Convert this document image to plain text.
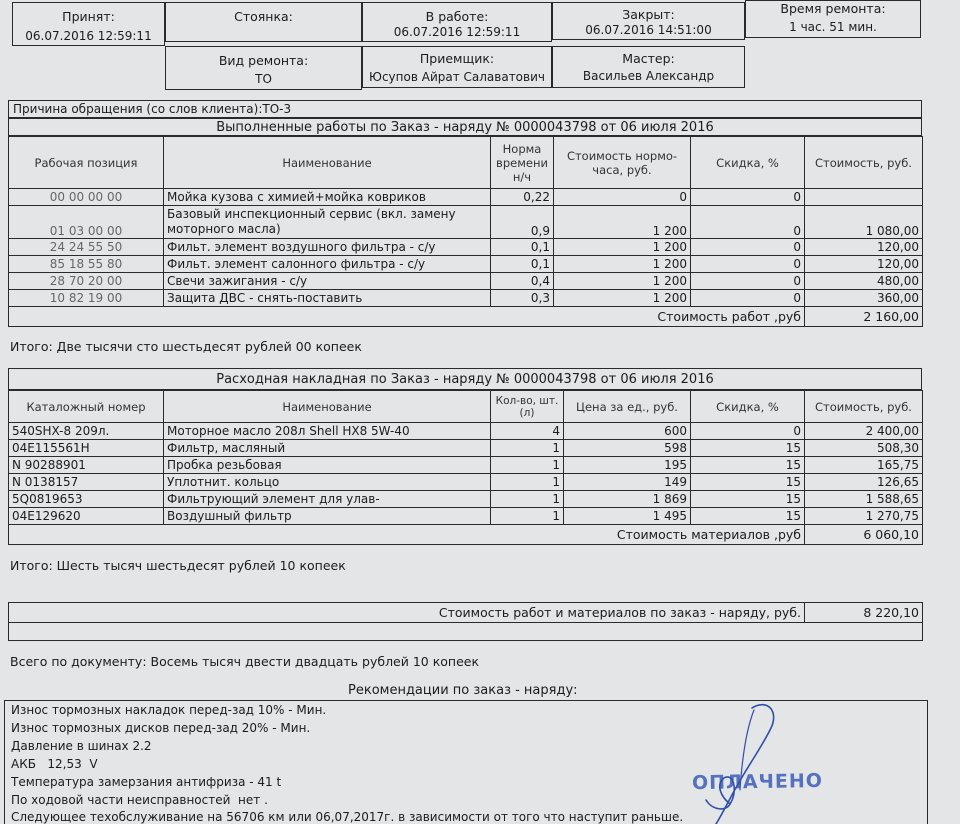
Принят:
06.07.2016 12:59:11
Стоянка:	В работе:
06.07.2016 12:59:11
Закрыт:
06.07.2016 14:51:00
Время ремонта:
1 час. 51 мин.
Вид ремонта:
ТО
Приемщик:
Юсупов Айрат Салаватович
Мастер:
Васильев Александр
Причина обращения (со слов клиента):ТО-3
Выполненные работы по Заказ - наряду № 0000043798 от 06 июля 2016
Рабочая позиция	Наименование	Норма времени н/ч	Стоимость нормо-часа, руб.	Скидка, %	Стоимость, руб.
00 00 00 00	Мойка кузова с химией+мойка ковриков	0,22	0	0	
01 03 00 00	Базовый инспекционный сервис (вкл. замену моторного масла)	0,9	1 200	0	1 080,00
24 24 55 50	Фильт. элемент воздушного фильтра - с/у	0,1	1 200	0	120,00
85 18 55 80	Фильт. элемент салонного фильтра - с/у	0,1	1 200	0	120,00
28 70 20 00	Свечи зажигания - с/у	0,4	1 200	0	480,00
10 82 19 00	Защита ДВС - снять-поставить	0,3	1 200	0	360,00
Стоимость работ ,руб					2 160,00
Итого: Две тысячи сто шестьдесят рублей 00 копеек
Расходная накладная по Заказ - наряду № 0000043798 от 06 июля 2016
Каталожный номер	Наименование	Кол-во, шт. (л)	Цена за ед., руб.	Скидка, %	Стоимость, руб.
540SHX-8 209л.	Моторное масло 208л Shell HX8 5W-40	4	600	0	2 400,00
04E115561H	Фильтр, масляный	1	598	15	508,30
N 90288901	Пробка резьбовая	1	195	15	165,75
N 0138157	Уплотнит. кольцо	1	149	15	126,65
5Q0819653	Фильтрующий элемент для улав-	1	1 869	15	1 588,65
04E129620	Воздушный фильтр	1	1 495	15	1 270,75
Стоимость материалов ,руб					6 060,10
Итого: Шесть тысяч шестьдесят рублей 10 копеек
Стоимость работ и материалов по заказ - наряду, руб.	8 220,10

Всего по документу: Восемь тысяч двести двадцать рублей 10 копеек
Рекомендации по заказ - наряду:
Износ тормозных накладок перед-зад 10% - Мин.
Износ тормозных дисков перед-зад 20% - Мин.
Давление в шинах 2.2
АКБ   12,53  V
Температура замерзания антифриза - 41 t
По ходовой части неисправностей  нет .
Следующее техобслуживание на 56706 км или 06,07,2017г. в зависимости от того что наступит раньше.
ОПЛАЧЕНО
